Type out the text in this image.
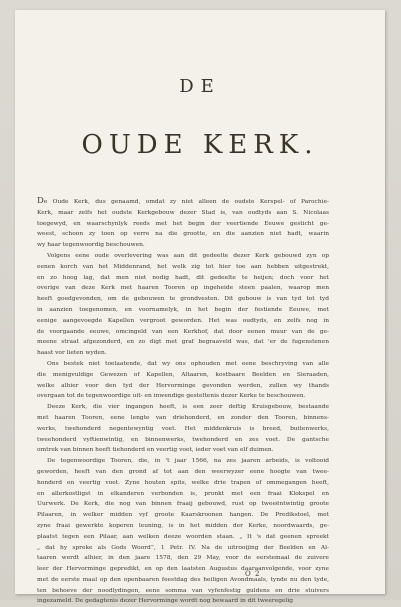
DE
OUDE KERK.
De Oude Kerk, dus genaamd, omdat zy niet alleen de oudste Kerspel- of Parochie-
Kerk, maar zelfs het oudste Kerkgebouw dezer Stad is, van oudtyds aan S. Nicolaas
toegewyd, en waarschynlyk reeds met het begin der veertiende Eeuwe gesticht ge-
weest, schoon zy toen op verre na die grootte, en die aanzien niet hadt, waarin
wy haar tegenwoordig beschouwen.
Volgens eene oude overlevering was aan dit gedeelte dezer Kerk gebouwd zyn op
eenen korch van het Middenrand, het welk zig tot hier toe aan hebben uitgestrekt,
en zo hoog lag, dat men niet nodig hadt, dit gedeelte te heijen; doch voor het
overige van deze Kerk met haaren Tooren op ingeheide steen paalen, waarop men
heeft goedgevonden, om de gebouwen te grondvesten. Dit gebouw is van tyd tot tyd
in aanzien toegenomen, en voornamelyk, in het begin der festiende Eeuwe, met
eenige aangevoegde Kapellen vergroot geworden. Het was oudtyds, en zelfs nog in
de voorgaande eeuwe, omcingeld van een Kerkhof, dat door eenen muur van de ge-
meene straat afgezonderd, en zo digt met graf begraaveld was, dat 'er de fugenstenen
haast vor lieten wyden.
Ons bestek niet toelaatende, dat wy ons ophouden met eene beschryving van alle
die menigvuldige Gewezen of Kapellen, Altaaren, kostbaare Beelden en Sieraaden,
welke alhier voor den tyd der Hervorminge gevonden werden, zullen wy thands
overgaan tot de tegenwoordige uit- en inwendige gesteltenis dezer Kerke te beschouwen.
Deeze Kerk, die vier ingangen heeft, is een zeer deftig Kruisgebouw, bestaande
met haaren Tooren, eene lengte van driehonderd, en zonder den Tooren, binnens-
werks, twehonderd negentewyntig voet. Het middenkruis is breed, buitenwerks,
tweehonderd vyftienwintig, en binnenwerks, twehonderd en zes voet. De gantsche
omtrek van binnen heeft tiehonderd en veertig voet, ieder voet van elf duimen.
De tegenwoordige Tooren, die, in 't jaar 1566, na zes jaaren arbeids, is voltooid
geworden, heeft van den grond af tot aan den weerwyzer eene hoogte van twee-
honderd en veertig voet. Zyne houten spits, welke drie trapen of ommegangen heeft,
en allerkostligst in elkanderen verbonden is, pronkt met een fraai Klokspel en
Uurwerk. De Kerk, die nog van binnen fraaij gebouwd, rust op tweeëntwintig groote
Pilaaren, in welker midden vyf groote Kaarskroonen hangen. De Predikstoel, met
zyne fraai gewerkte koperen leuning, is in het midden der Kerke, noordwaards, ge-
plaatst tegen een Pilaar, aan welken deeze woorden staan. „ It 's dat geenen spreekt
„ dat hy spreke als Gods Woord”, 1 Petr. IV. Na de uitrooijing der Beelden en Al-
taaren werdt alhier, in den jaare 1578, den 29 May, voor de eerstemaal de zuivere
leer der Hervorminge gepredikt, en op den laatsten Augustus daaraanvolgende, voor zyne
met de eerste maal op den openbaaren feestdag des heiligen Avondmaals, tynde nu den tyde,
ten behoeve der noodlydingen, eene somma van vyfenfestig guldens en drie stuivers
ingezameld. De gedagtenis dezer Hervorminge wordt nog bewaard in dit tweeregelig
O 2
